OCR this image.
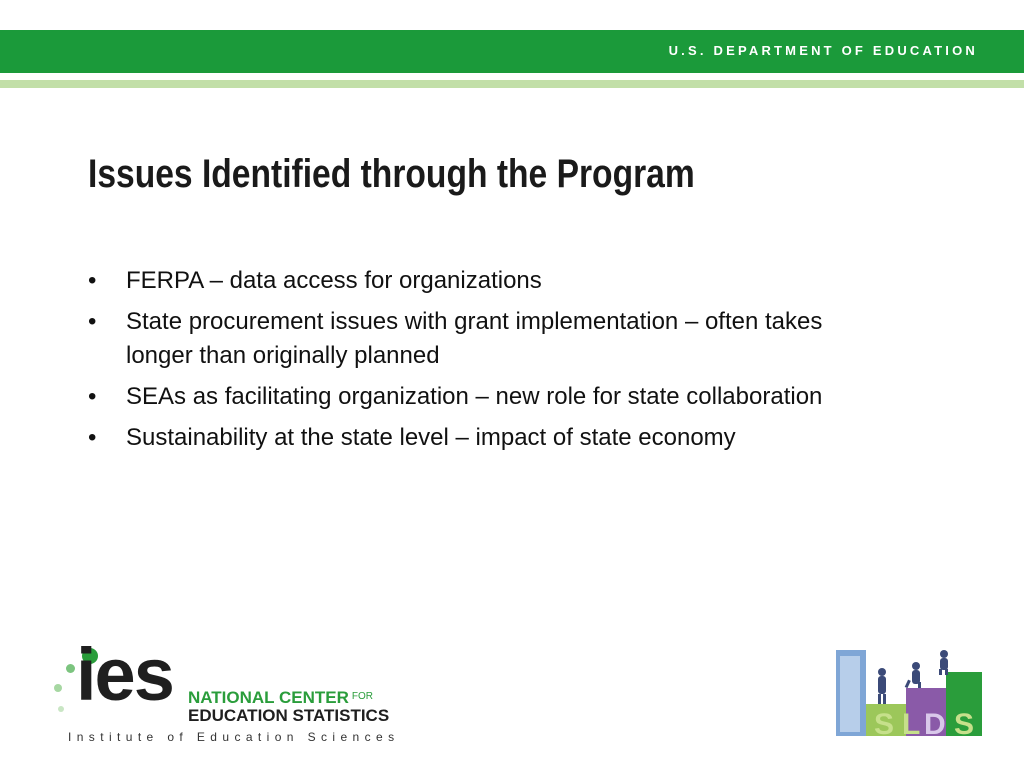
U.S. DEPARTMENT OF EDUCATION
Issues Identified through the Program
• FERPA – data access for organizations
• State procurement issues with grant implementation – often takes longer than originally planned
• SEAs as facilitating organization – new role for state collaboration
• Sustainability at the state level – impact of state economy
ies NATIONAL CENTER $^{FOR}$
EDUCATION STATISTICS
Institute of Education Sciences	S L D S
